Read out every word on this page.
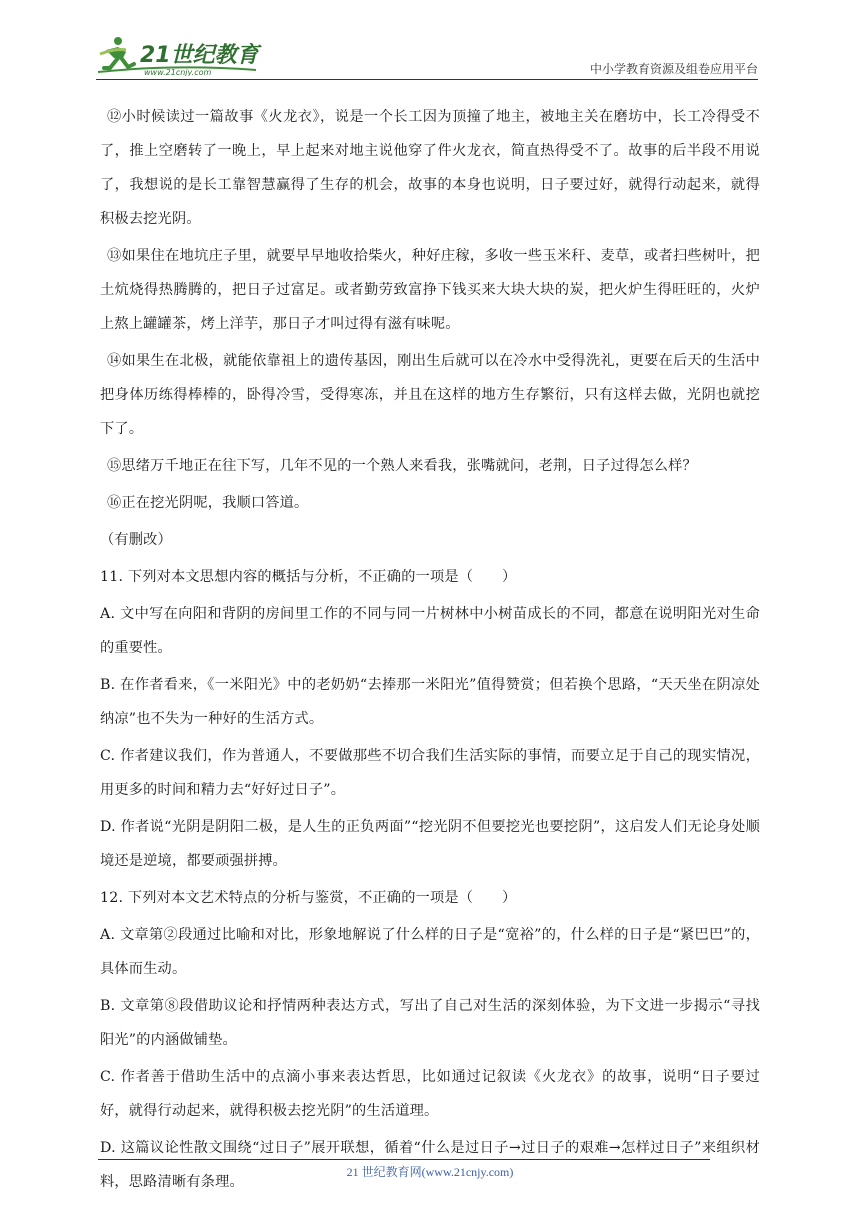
21世纪教育
www.21cnjy.com	中小学教育资源及组卷应用平台

⑫小时候读过一篇故事《火龙衣》，说是一个长工因为顶撞了地主，被地主关在磨坊中，长工冷得受不了，推上空磨转了一晚上，早上起来对地主说他穿了件火龙衣，简直热得受不了。故事的后半段不用说了，我想说的是长工靠智慧赢得了生存的机会，故事的本身也说明，日子要过好，就得行动起来，就得积极去挖光阴。

⑬如果住在地坑庄子里，就要早早地收拾柴火，种好庄稼，多收一些玉米秆、麦草，或者扫些树叶，把土炕烧得热腾腾的，把日子过富足。或者勤劳致富挣下钱买来大块大块的炭，把火炉生得旺旺的，火炉上熬上罐罐茶，烤上洋芋，那日子才叫过得有滋有味呢。

⑭如果生在北极，就能依靠祖上的遗传基因，刚出生后就可以在冷水中受得洗礼，更要在后天的生活中把身体历练得棒棒的，卧得冷雪，受得寒冻，并且在这样的地方生存繁衍，只有这样去做，光阴也就挖下了。

⑮思绪万千地正在往下写，几年不见的一个熟人来看我，张嘴就问，老荆，日子过得怎么样？

⑯正在挖光阴呢，我顺口答道。

（有删改）

11. 下列对本文思想内容的概括与分析，不正确的一项是（　　）

A. 文中写在向阳和背阴的房间里工作的不同与同一片树林中小树苗成长的不同，都意在说明阳光对生命的重要性。

B. 在作者看来，《一米阳光》中的老奶奶“去捧那一米阳光”值得赞赏；但若换个思路，“天天坐在阴凉处纳凉”也不失为一种好的生活方式。

C. 作者建议我们，作为普通人，不要做那些不切合我们生活实际的事情，而要立足于自己的现实情况，用更多的时间和精力去“好好过日子”。

D. 作者说“光阴是阴阳二极，是人生的正负两面”“挖光阴不但要挖光也要挖阴”，这启发人们无论身处顺境还是逆境，都要顽强拼搏。

12. 下列对本文艺术特点的分析与鉴赏，不正确的一项是（　　）

A. 文章第②段通过比喻和对比，形象地解说了什么样的日子是“宽裕”的，什么样的日子是“紧巴巴”的，具体而生动。

B. 文章第⑧段借助议论和抒情两种表达方式，写出了自己对生活的深刻体验，为下文进一步揭示“寻找阳光”的内涵做铺垫。

C. 作者善于借助生活中的点滴小事来表达哲思，比如通过记叙读《火龙衣》的故事，说明“日子要过好，就得行动起来，就得积极去挖光阴”的生活道理。

D. 这篇议论性散文围绕“过日子”展开联想，循着“什么是过日子→过日子的艰难→怎样过日子”来组织材料，思路清晰有条理。

21 世纪教育网(www.21cnjy.com)
